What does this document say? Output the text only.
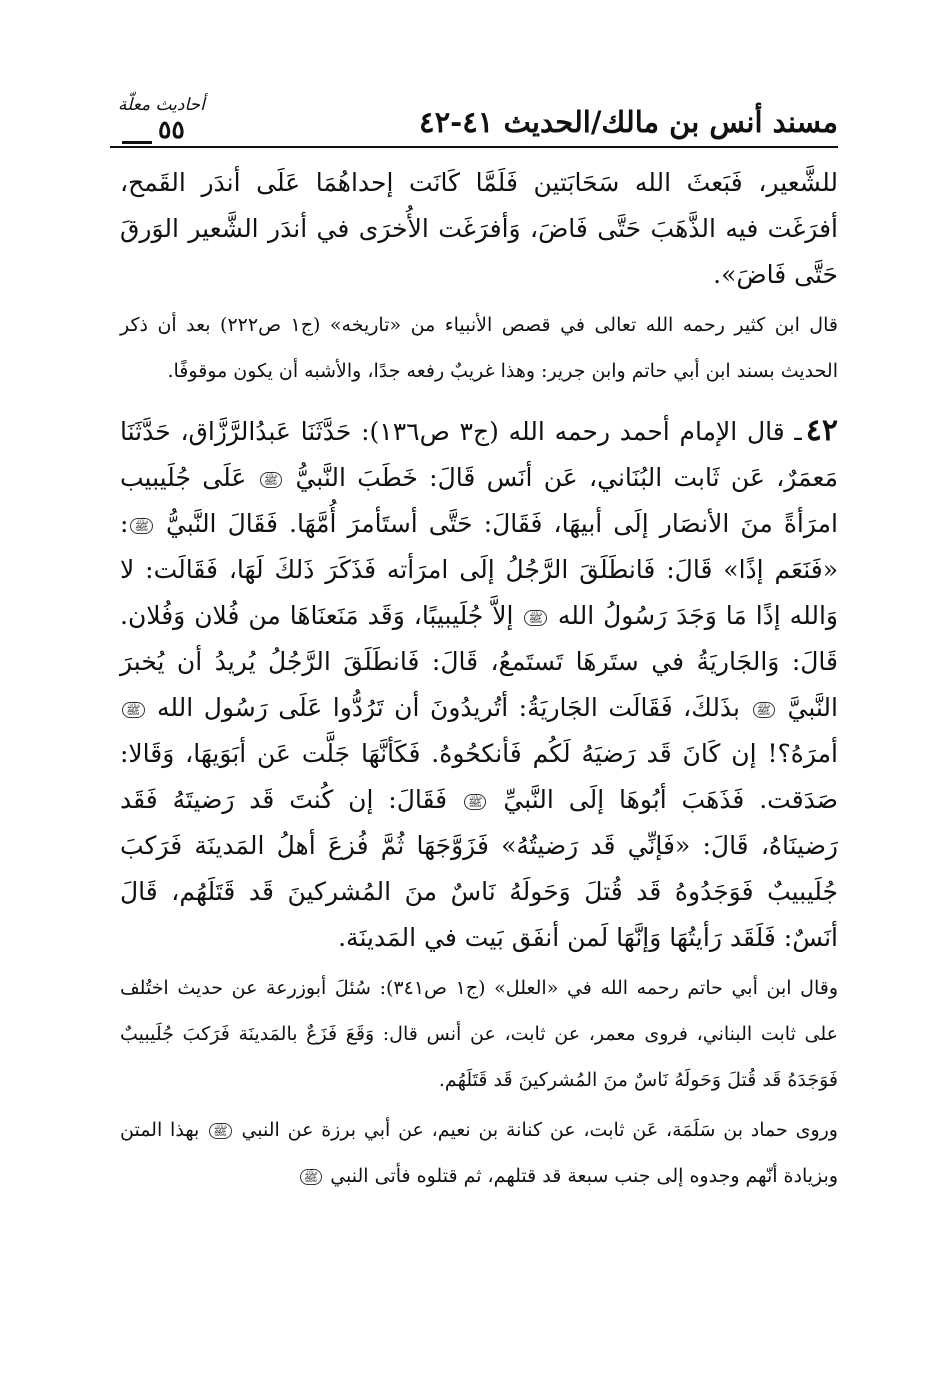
مسند أنس بن مالك/الحديث ٤١-٤٢
أحاديث معلّة
٥٥

للشَّعير، فَبَعثَ الله سَحَابَتين فَلَمَّا كَانَت إحداهُمَا عَلَى أندَر القَمح، أفرَغَت فيه الذَّهَبَ حَتَّى فَاضَ، وَأفرَغَت الأُخرَى في أندَر الشَّعير الوَرقَ حَتَّى فَاضَ».

قال ابن كثير رحمه الله تعالى في قصص الأنبياء من «تاريخه» (ج١ ص٢٢٢) بعد أن ذكر الحديث بسند ابن أبي حاتم وابن جرير: وهذا غريبٌ رفعه جدًا، والأشبه أن يكون موقوفًا.

٤٢ـ قال الإمام أحمد رحمه الله (ج٣ ص١٣٦): حَدَّثَنَا عَبدُالرَّزَّاق، حَدَّثَنَا مَعمَرٌ، عَن ثَابت البُنَاني، عَن أنَس قَالَ: خَطَبَ النَّبيُّ ﷺ عَلَى جُلَيبيب امرَأةً منَ الأنصَار إلَى أبيهَا، فَقَالَ: حَتَّى أستَأمرَ أُمَّهَا. فَقَالَ النَّبيُّ ﷺ: «فَنَعَم إذًا» قَالَ: فَانطَلَقَ الرَّجُلُ إلَى امرَأته فَذَكَرَ ذَلكَ لَهَا، فَقَالَت: لا وَالله إذًا مَا وَجَدَ رَسُولُ الله ﷺ إلاَّ جُلَيبيبًا، وَقَد مَنَعنَاهَا من فُلان وَفُلان. قَالَ: وَالجَاريَةُ في ستَرهَا تَستَمعُ، قَالَ: فَانطَلَقَ الرَّجُلُ يُريدُ أن يُخبرَ النَّبيَّ ﷺ بذَلكَ، فَقَالَت الجَاريَةُ: أتُريدُونَ أن تَرُدُّوا عَلَى رَسُول الله ﷺ أمرَهُ؟! إن كَانَ قَد رَضيَهُ لَكُم فَأنكحُوهُ. فَكَأنَّهَا جَلَّت عَن أبَوَيهَا، وَقَالا: صَدَقت. فَذَهَبَ أبُوهَا إلَى النَّبيِّ ﷺ فَقَالَ: إن كُنتَ قَد رَضيتَهُ فَقَد رَضينَاهُ، قَالَ: «فَإنِّي قَد رَضيتُهُ» فَزَوَّجَهَا ثُمَّ فُزعَ أهلُ المَدينَة فَرَكبَ جُلَيبيبٌ فَوَجَدُوهُ قَد قُتلَ وَحَولَهُ نَاسٌ منَ المُشركينَ قَد قَتَلَهُم، قَالَ أنَسٌ: فَلَقَد رَأيتُهَا وَإنَّهَا لَمن أنفَق بَيت في المَدينَة.

وقال ابن أبي حاتم رحمه الله في «العلل» (ج١ ص٣٤١): سُئلَ أبوزرعة عن حديث اختُلف على ثابت البناني، فروى معمر، عن ثابت، عن أنس قال: وَقَعَ فَزَعٌ بالمَدينَة فَرَكبَ جُلَيبيبٌ فَوَجَدَهُ قَد قُتلَ وَحَولَهُ نَاسٌ منَ المُشركينَ قَد قَتَلَهُم.

وروى حماد بن سَلَمَة، عَن ثابت، عن كنانة بن نعيم، عن أبي برزة عن النبي ﷺ بهذا المتن وبزيادة أنّهم وجدوه إلى جنب سبعة قد قتلهم، ثم قتلوه فأتى النبي ﷺ
